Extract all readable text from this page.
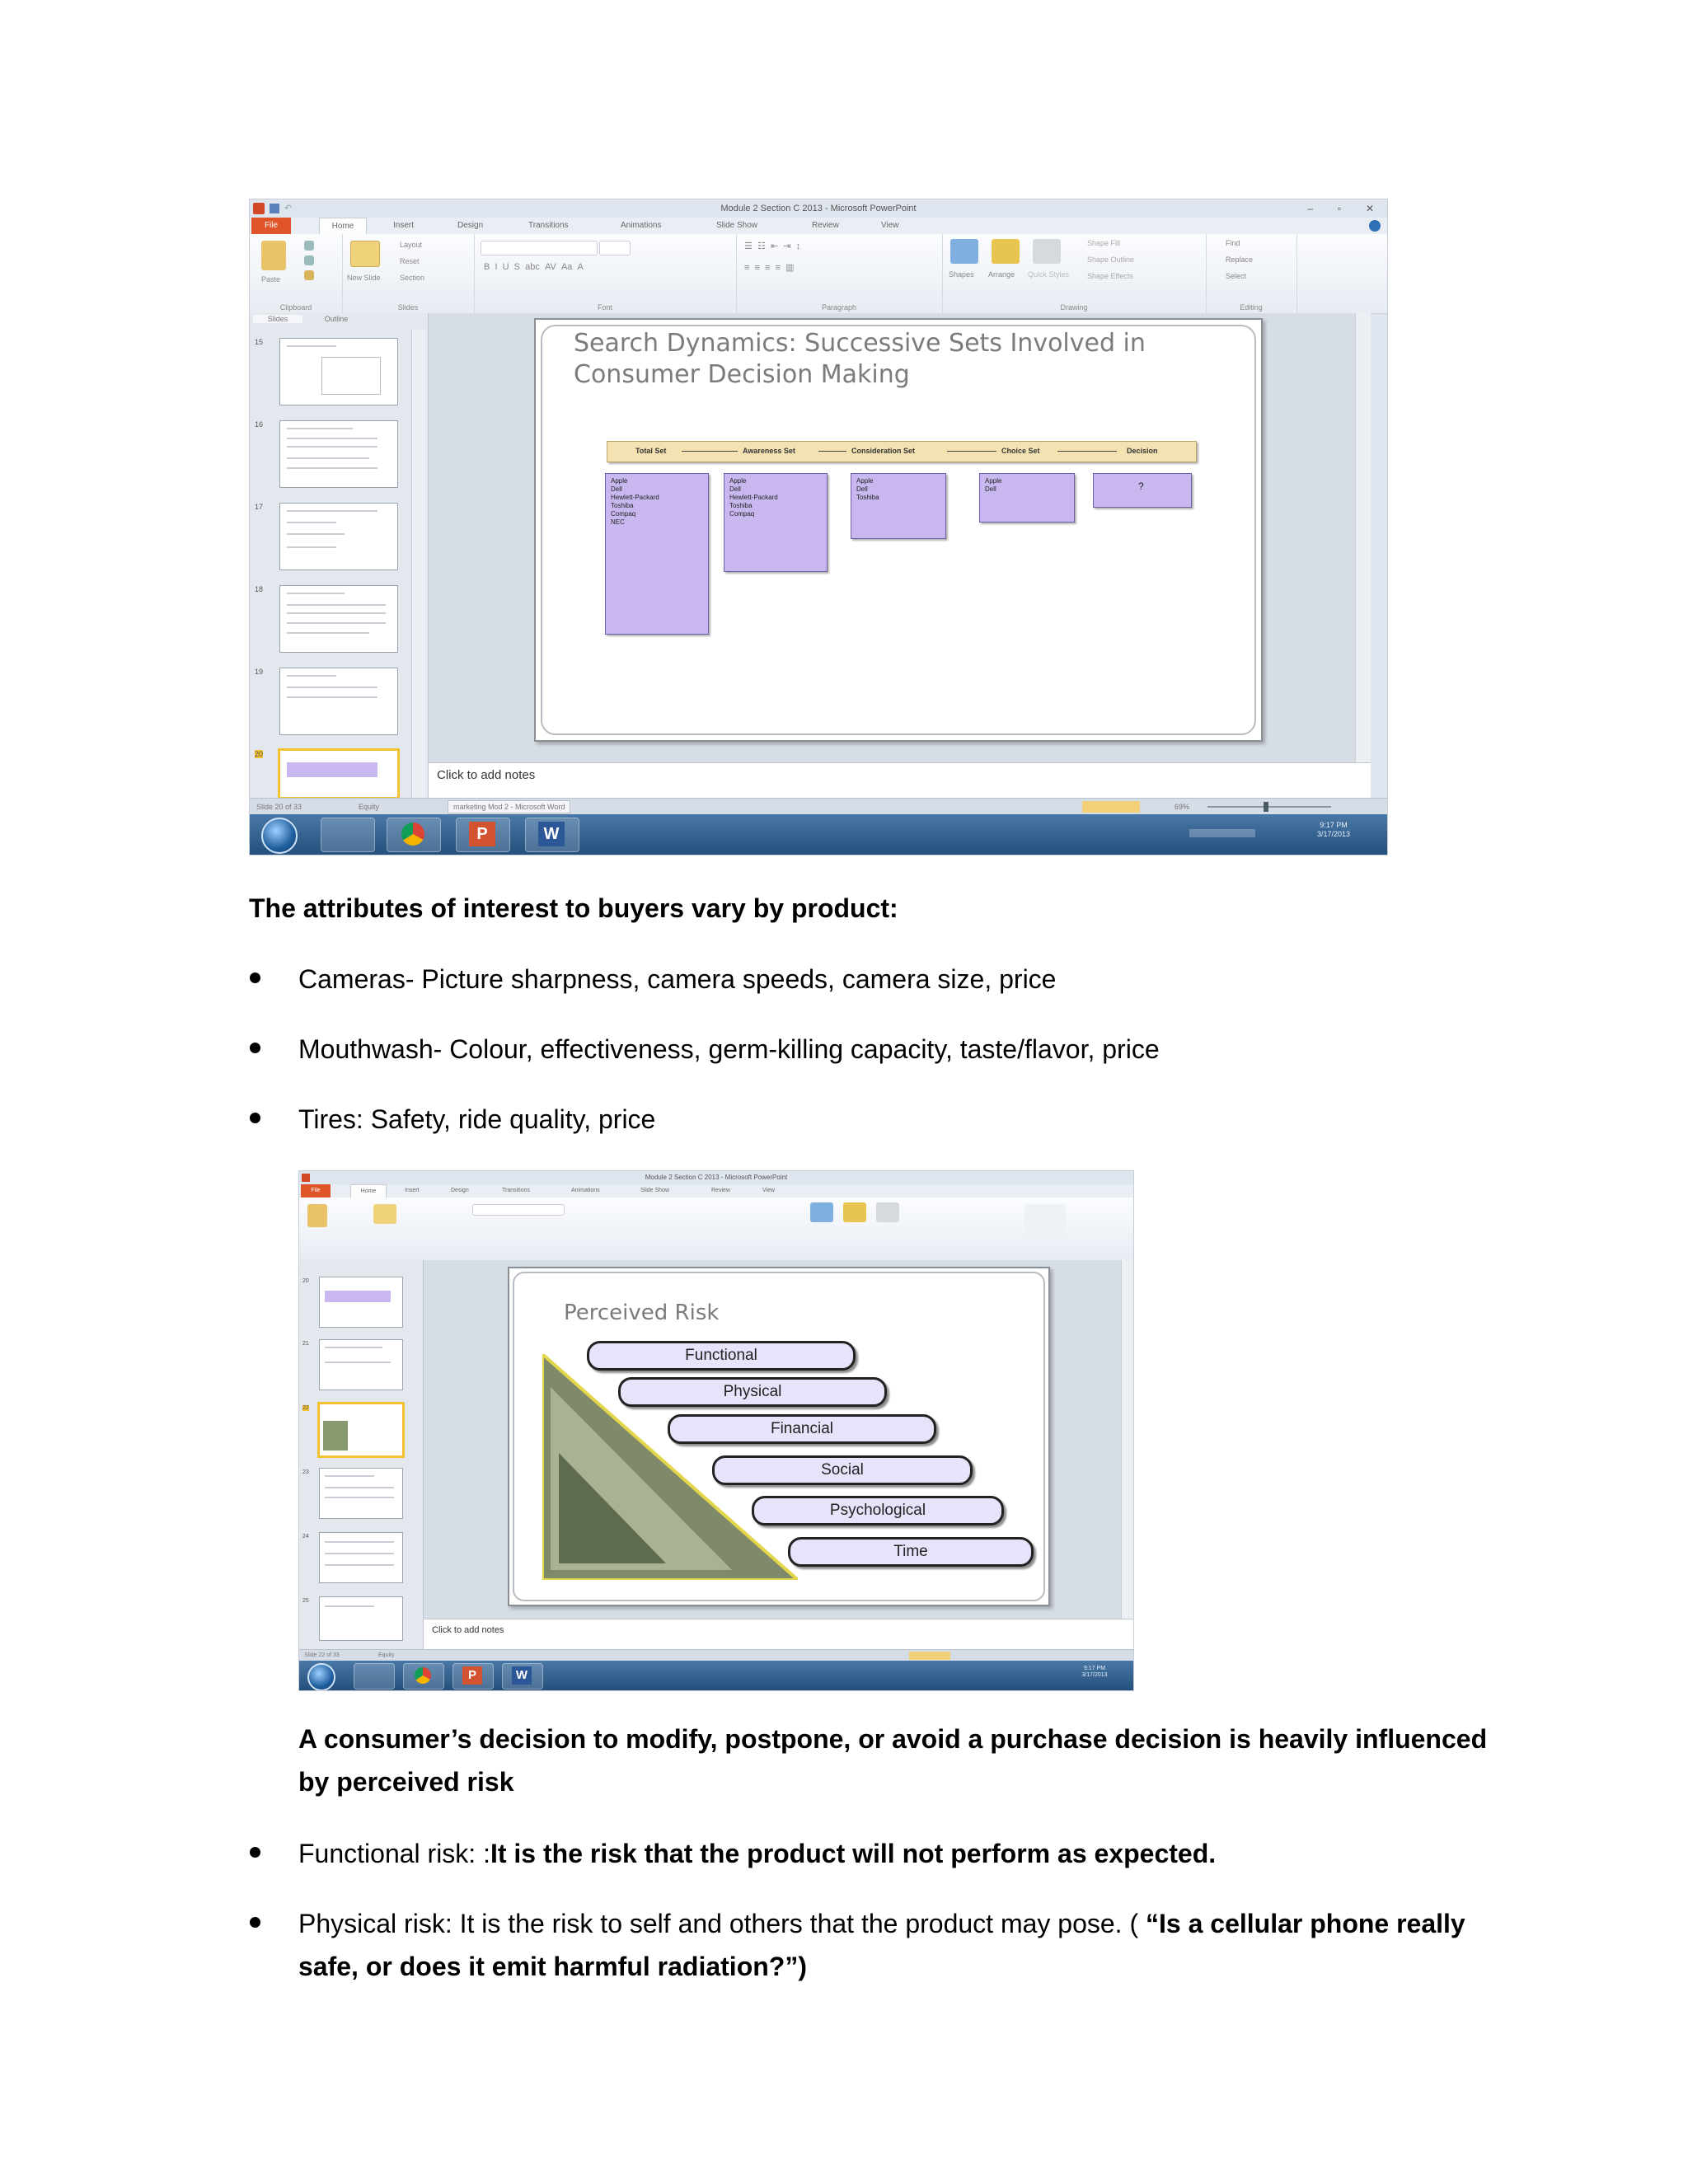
Module 2 Section C 2013 - Microsoft PowerPoint
↶	– ▫ ✕
File	Home	Insert	Design	Transitions	Animations	Slide Show	Review	View
Paste
Clipboard
New Slide
Layout
Reset
Section
Slides
B  I  U  S  abc  AV  Aa  A
Font
☰  ☷  ⇤  ⇥  ↕
≡  ≡  ≡  ≡  ▥
Paragraph
Shapes Arrange Quick Styles
Shape Fill
Shape Outline
Shape Effects
Drawing
Find
Replace
Select
Editing
Slides	Outline
15
16
17
18
19
20
Search Dynamics: Successive Sets Involved in Consumer Decision Making
Total Set	Awareness Set	Consideration Set	Choice Set	Decision
Apple
Dell
Hewlett-Packard
Toshiba
Compaq
NEC
Apple
Dell
Hewlett-Packard
Toshiba
Compaq
Apple
Dell
Toshiba
Apple
Dell	?
Click to add notes
Slide 20 of 33	Equity	marketing Mod 2 - Microsoft Word	69%
P	W	9:17 PM
3/17/2013
The attributes of interest to buyers vary by product:
Cameras- Picture sharpness, camera speeds, camera size, price
Mouthwash- Colour, effectiveness, germ-killing capacity, taste/flavor, price
Tires: Safety, ride quality, price
Module 2 Section C 2013 - Microsoft PowerPoint
File	Home	Insert	Design	Transitions	Animations	Slide Show	Review	View
20
21
22
23
24
25
Perceived Risk
Functional
Physical
Financial
Social
Psychological
Time
Click to add notes
Slide 22 of 33	Equity
P	W	9:17 PM
3/17/2013
A consumer’s decision to modify, postpone, or avoid a purchase decision is heavily influenced by perceived risk
Functional risk: :It is the risk that the product will not perform as expected.
Physical risk: It is the risk to self and others that the product may pose. ( “Is a cellular phone really safe, or does it emit harmful radiation?”)
